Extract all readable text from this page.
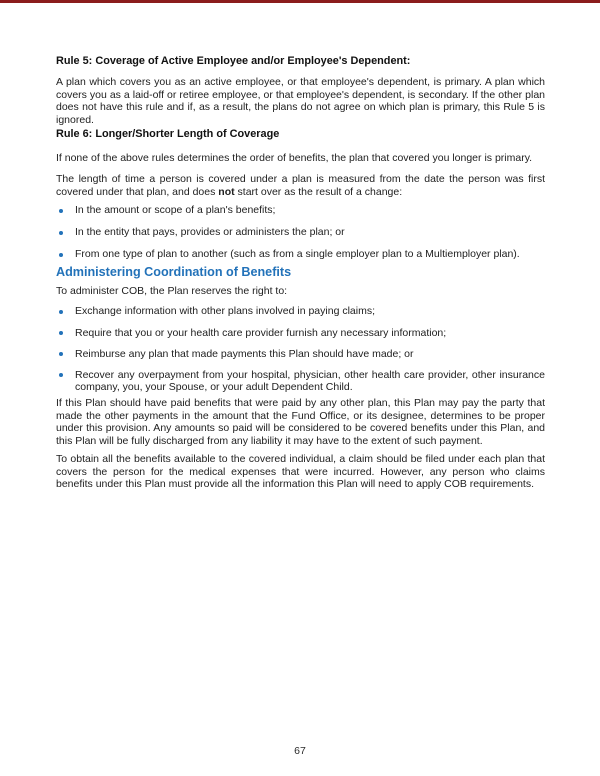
Rule 5: Coverage of Active Employee and/or Employee's Dependent:

A plan which covers you as an active employee, or that employee's dependent, is primary. A plan which covers you as a laid-off or retiree employee, or that employee's dependent, is secondary. If the other plan does not have this rule and if, as a result, the plans do not agree on which plan is primary, this Rule 5 is ignored.

Rule 6: Longer/Shorter Length of Coverage

If none of the above rules determines the order of benefits, the plan that covered you longer is primary.

The length of time a person is covered under a plan is measured from the date the person was first covered under that plan, and does not start over as the result of a change:

In the amount or scope of a plan's benefits;
In the entity that pays, provides or administers the plan; or
From one type of plan to another (such as from a single employer plan to a Multiemployer plan).
Administering Coordination of Benefits

To administer COB, the Plan reserves the right to:

Exchange information with other plans involved in paying claims;
Require that you or your health care provider furnish any necessary information;
Reimburse any plan that made payments this Plan should have made; or
Recover any overpayment from your hospital, physician, other health care provider, other insurance company, you, your Spouse, or your adult Dependent Child.

If this Plan should have paid benefits that were paid by any other plan, this Plan may pay the party that made the other payments in the amount that the Fund Office, or its designee, determines to be proper under this provision. Any amounts so paid will be considered to be covered benefits under this Plan, and this Plan will be fully discharged from any liability it may have to the extent of such payment.

To obtain all the benefits available to the covered individual, a claim should be filed under each plan that covers the person for the medical expenses that were incurred. However, any person who claims benefits under this Plan must provide all the information this Plan will need to apply COB requirements.

67
